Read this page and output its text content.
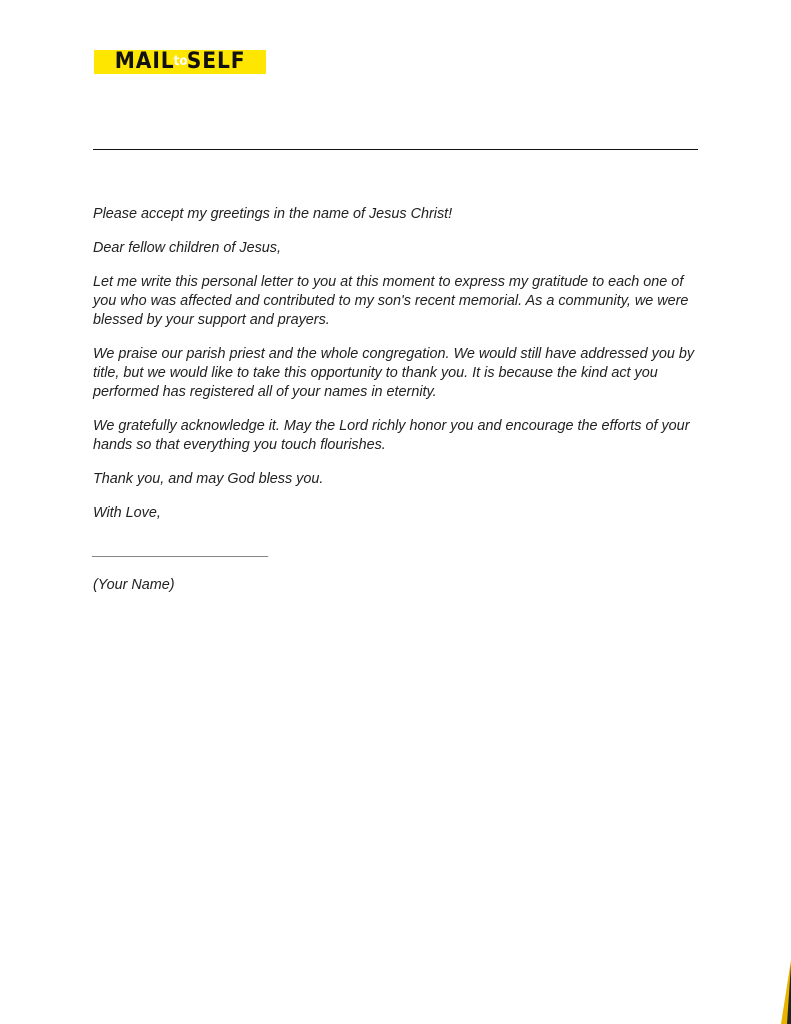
MAILtoSELF

Please accept my greetings in the name of Jesus Christ!

Dear fellow children of Jesus,

Let me write this personal letter to you at this moment to express my gratitude to each one of you who was affected and contributed to my son's recent memorial. As a community, we were blessed by your support and prayers.

We praise our parish priest and the whole congregation. We would still have addressed you by title, but we would like to take this opportunity to thank you. It is because the kind act you performed has registered all of your names in eternity.

We gratefully acknowledge it. May the Lord richly honor you and encourage the efforts of your hands so that everything you touch flourishes.

Thank you, and may God bless you.

With Love,

______________________

(Your Name)
